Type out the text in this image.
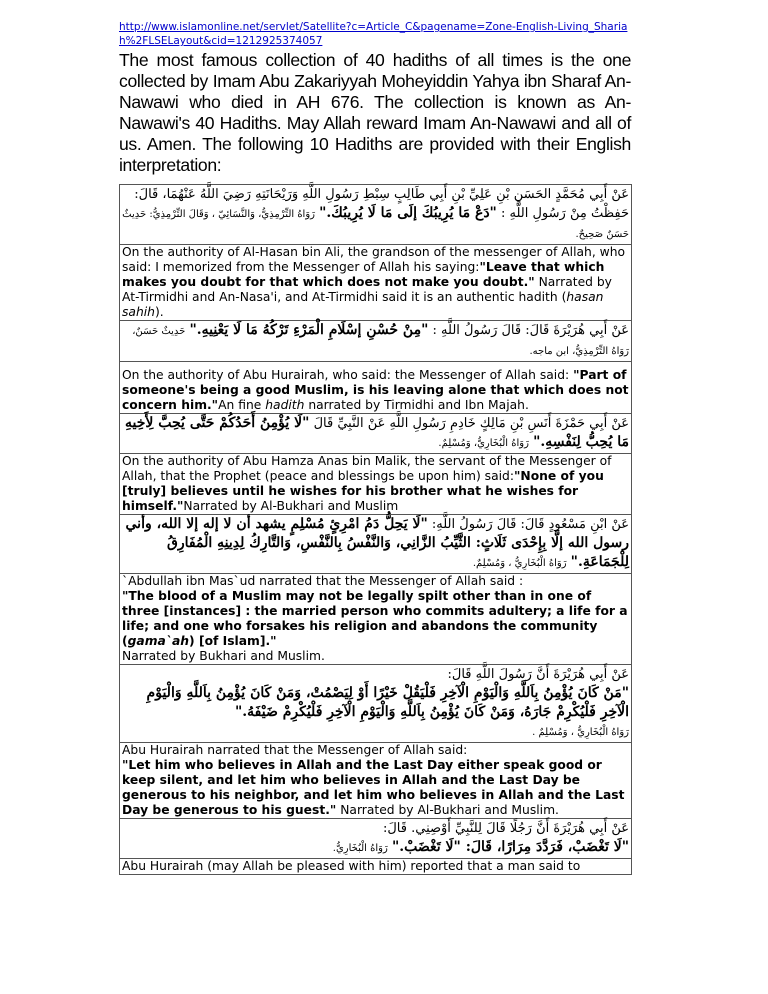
http://www.islamonline.net/servlet/Satellite?c=Article_C&pagename=Zone-English-Living_Shariah%2FLSELayout&cid=1212925374057
The most famous collection of 40 hadiths of all times is the one collected by Imam Abu Zakariyyah Moheyiddin Yahya ibn Sharaf An-Nawawi who died in AH 676. The collection is known as An-Nawawi's 40 Hadiths. May Allah reward Imam An-Nawawi and all of us. Amen. The following 10 Hadiths are provided with their English interpretation:
عَنْ أَبِي مُحَمَّدٍ الحَسَنِ بْنِ عَلِيِّ بْنِ أَبِي طَالِبٍ سِبْطِ رَسُولِ اللَّهِ وَرَيْحَانَتِهِ رَضِيَ اللَّهُ عَنْهُمَا، قَالَ: حَفِظْتُ مِنْ رَسُولِ اللَّهِ : "دَعْ مَا يُرِيبُكَ إلَى مَا لَا يُرِيبُكَ." رَوَاهُ التِّرْمِذِيُّ، وَالنَّسَائِيّ ، وَقَالَ التِّرْمِذِيُّ: حَدِيثٌ حَسَنٌ صَحِيحٌ.
On the authority of Al-Hasan bin Ali, the grandson of the messenger of Allah, who said: I memorized from the Messenger of Allah his saying:"Leave that which makes you doubt for that which does not make you doubt." Narrated by At-Tirmidhi and An-Nasa'i, and At-Tirmidhi said it is an authentic hadith (hasan sahih).
عَنْ أَبِي هُرَيْرَةَ قَالَ: قَالَ رَسُولُ اللَّهِ : "مِنْ حُسْنِ إسْلَامِ الْمَرْءِ تَرْكُهُ مَا لَا يَعْنِيهِ." حَدِيثٌ حَسَنٌ، رَوَاهُ التِّرْمِذِيُّ، ابن ماجه.

On the authority of Abu Hurairah, who said: the Messenger of Allah said: "Part of someone's being a good Muslim, is his leaving alone that which does not concern him."An fine hadith narrated by Tirmidhi and Ibn Majah.
عَنْ أَبِي حَمْزَةَ أَنَسِ بْنِ مَالِكٍ خَادِمِ رَسُولِ اللَّهِ عَنْ النَّبِيِّ قَالَ "لَا يُؤْمِنُ أَحَدُكُمْ حَتَّى يُحِبَّ لِأَخِيهِ مَا يُحِبُّ لِنَفْسِهِ." رَوَاهُ الْبُخَارِيُّ، وَمُسْلِمٌ.
On the authority of Abu Hamza Anas bin Malik, the servant of the Messenger of Allah, that the Prophet (peace and blessings be upon him) said:"None of you [truly] believes until he wishes for his brother what he wishes for himself."Narrated by Al-Bukhari and Muslim
عَنْ ابْنِ مَسْعُودٍ قَالَ: قَالَ رَسُولُ اللَّهِ: "لَا يَحِلُّ دَمُ امْرِئٍ مُسْلِمٍ يشهد أن لا إله إلا الله، وأني رسول الله إلَّا بِإِحْدَى ثَلَاثٍ: الثَّيِّبُ الزَّانِي، وَالنَّفْسُ بِالنَّفْسِ، وَالتَّارِكُ لِدِينِهِ الْمُفَارِقُ لِلْجَمَاعَةِ." رَوَاهُ الْبُخَارِيُّ ، وَمُسْلِمٌ.
`Abdullah ibn Mas`ud narrated that the Messenger of Allah said :
"The blood of a Muslim may not be legally spilt other than in one of three [instances] : the married person who commits adultery; a life for a life; and one who forsakes his religion and abandons the community (gama`ah) [of Islam]."
Narrated by Bukhari and Muslim.
عَنْ أَبِي هُرَيْرَةَ أَنَّ رَسُولَ اللَّهِ قَالَ:
"مَنْ كَانَ يُؤْمِنُ بِاَللَّهِ وَالْيَوْمِ الْآخِرِ فَلْيَقُلْ خَيْرًا أَوْ لِيَصْمُتْ، وَمَنْ كَانَ يُؤْمِنُ بِاَللَّهِ وَالْيَوْمِ الْآخِرِ فَلْيُكْرِمْ جَارَهُ، وَمَنْ كَانَ يُؤْمِنُ بِاَللَّهِ وَالْيَوْمِ الْآخِرِ فَلْيُكْرِمْ ضَيْفَهُ."
رَوَاهُ الْبُخَارِيُّ ، وَمُسْلِمٌ .
Abu Hurairah narrated that the Messenger of Allah said:
"Let him who believes in Allah and the Last Day either speak good or keep silent, and let him who believes in Allah and the Last Day be generous to his neighbor, and let him who believes in Allah and the Last Day be generous to his guest." Narrated by Al-Bukhari and Muslim.
عَنْ أَبِي هُرَيْرَةَ أَنَّ رَجُلًا قَالَ لِلنَّبِيِّ أَوْصِنِي. قَالَ:
"لَا تَغْضَبْ، فَرَدَّدَ مِرَارًا، قَالَ: "لَا تَغْضَبْ." رَوَاهُ الْبُخَارِيُّ.
Abu Hurairah (may Allah be pleased with him) reported that a man said to
